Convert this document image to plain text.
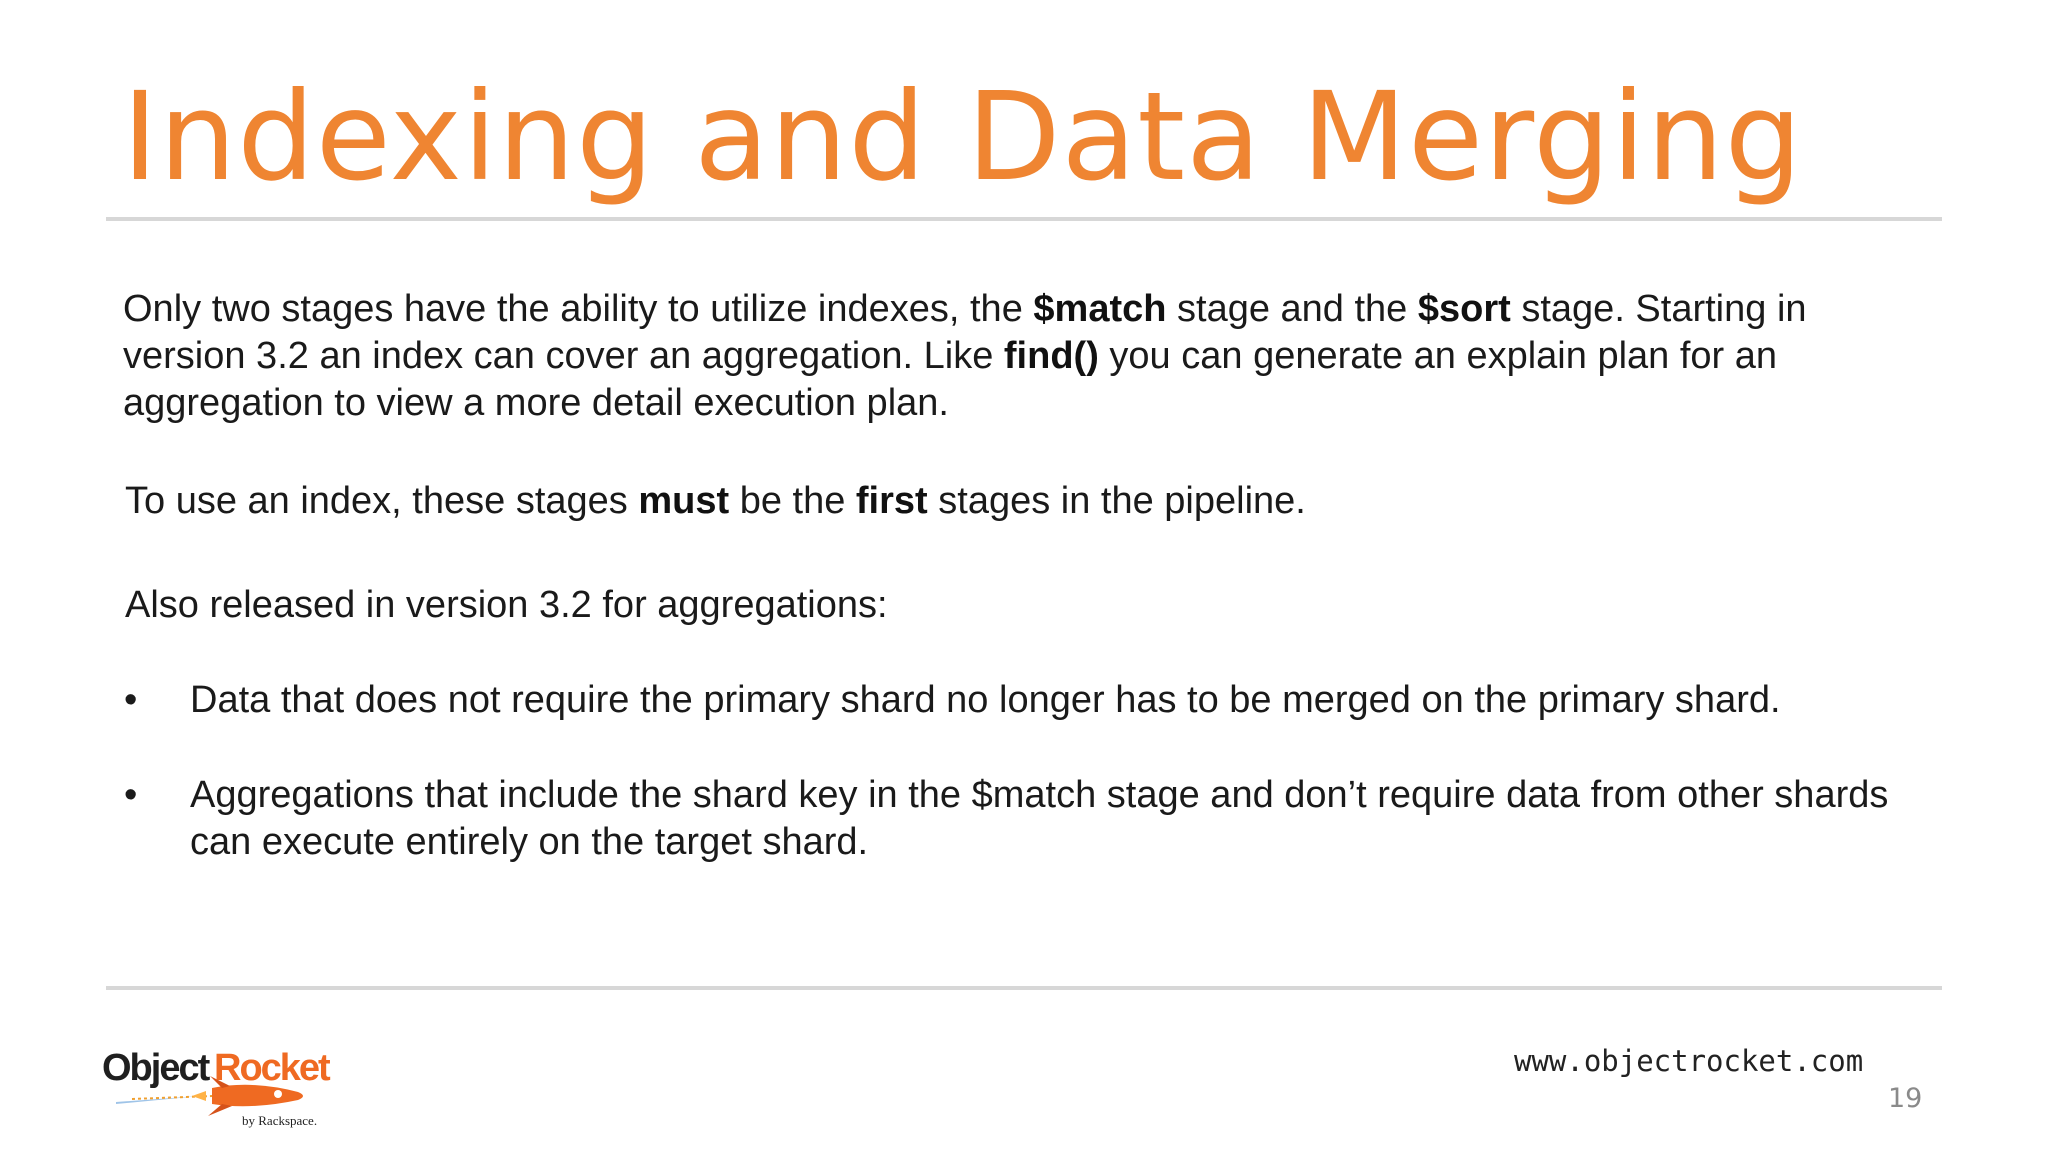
Indexing and Data Merging
Only two stages have the ability to utilize indexes, the $match stage and the $sort stage. Starting in version 3.2 an index can cover an aggregation. Like find() you can generate an explain plan for an aggregation to view a more detail execution plan.
To use an index, these stages must be the first stages in the pipeline.
Also released in version 3.2 for aggregations:
• Data that does not require the primary shard no longer has to be merged on the primary shard.
• Aggregations that include the shard key in the $match stage and don’t require data from other shards can execute entirely on the target shard.
Object Rocket
by Rackspace.
www.objectrocket.com
19
